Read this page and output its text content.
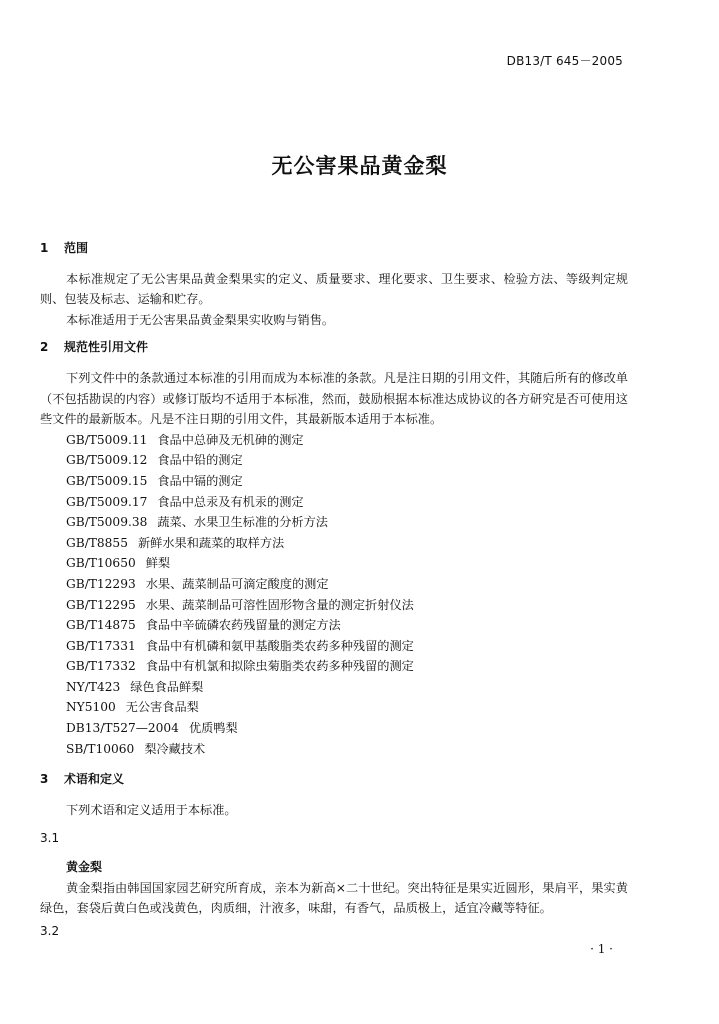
DB13/T 645－2005
无公害果品黄金梨
1 范围

本标准规定了无公害果品黄金梨果实的定义、质量要求、理化要求、卫生要求、检验方法、等级判定规则、包装及标志、运输和贮存。

本标准适用于无公害果品黄金梨果实收购与销售。

2 规范性引用文件

下列文件中的条款通过本标准的引用而成为本标准的条款。凡是注日期的引用文件，其随后所有的修改单（不包括勘误的内容）或修订版均不适用于本标准，然而，鼓励根据本标准达成协议的各方研究是否可使用这些文件的最新版本。凡是不注日期的引用文件，其最新版本适用于本标准。

GB/T5009.11 食品中总砷及无机砷的测定
GB/T5009.12 食品中铅的测定
GB/T5009.15 食品中镉的测定
GB/T5009.17 食品中总汞及有机汞的测定
GB/T5009.38 蔬菜、水果卫生标准的分析方法
GB/T8855 新鲜水果和蔬菜的取样方法
GB/T10650 鲜梨
GB/T12293 水果、蔬菜制品可滴定酸度的测定
GB/T12295 水果、蔬菜制品可溶性固形物含量的测定折射仪法
GB/T14875 食品中辛硫磷农药残留量的测定方法
GB/T17331 食品中有机磷和氨甲基酸脂类农药多种残留的测定
GB/T17332 食品中有机氯和拟除虫菊脂类农药多种残留的测定
NY/T423 绿色食品鲜梨
NY5100 无公害食品梨
DB13/T527—2004 优质鸭梨
SB/T10060 梨冷藏技术
3 术语和定义

下列术语和定义适用于本标准。

3.1
黄金梨

黄金梨指由韩国国家园艺研究所育成，亲本为新高×二十世纪。突出特征是果实近圆形，果肩平，果实黄绿色，套袋后黄白色或浅黄色，肉质细，汁液多，味甜，有香气，品质极上，适宜冷藏等特征。

3.2
· 1 ·
